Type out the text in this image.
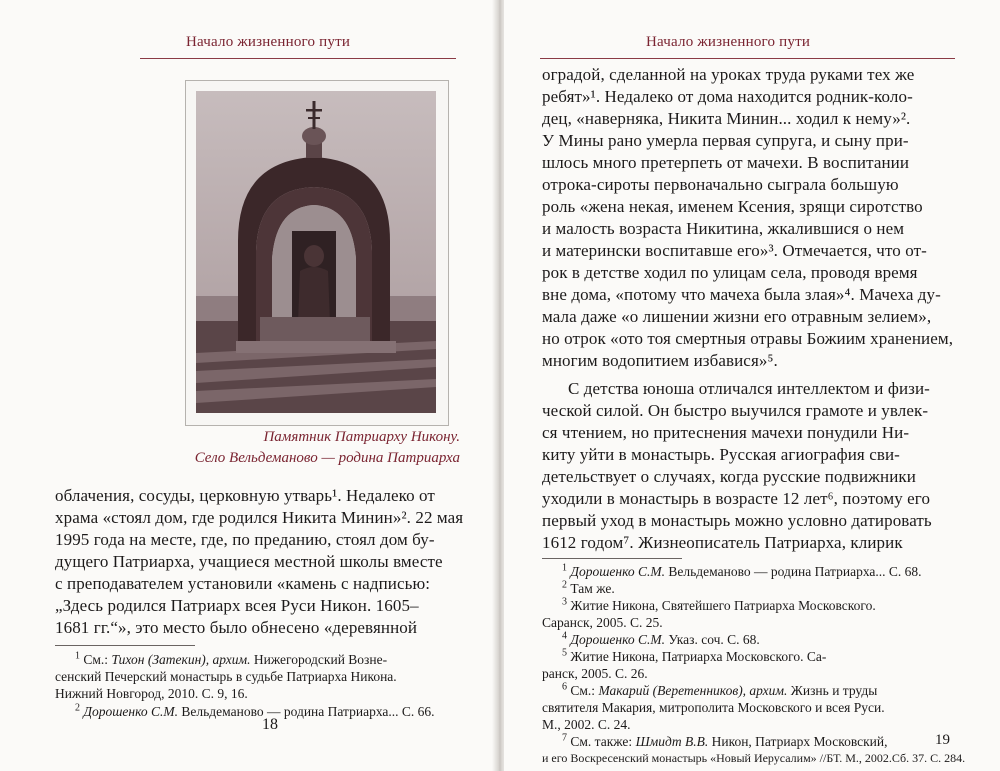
Начало жизненного пути
Памятник Патриарху Никону.
Село Вельдеманово — родина Патриарха
облачения, сосуды, церковную утварь¹. Недалеко от
храма «стоял дом, где родился Никита Минин»². 22 мая
1995 года на месте, где, по преданию, стоял дом бу-
дущего Патриарха, учащиеся местной школы вместе
с преподавателем установили «камень с надписью:
„Здесь родился Патриарх всея Руси Никон. 1605–
1681 гг.“», это место было обнесено «деревянной
$^1$ См.: Тихон (Затекин), архим. Нижегородский Возне-
сенский Печерский монастырь в судьбе Патриарха Никона.
Нижний Новгород, 2010. С. 9, 16.
$^2$ Дорошенко С.М. Вельдеманово — родина Патриарха... С. 66.
18
Начало жизненного пути
оградой, сделанной на уроках труда руками тех же
ребят»¹. Недалеко от дома находится родник-коло-
дец, «наверняка, Никита Минин... ходил к нему»².
У Мины рано умерла первая супруга, и сыну при-
шлось много претерпеть от мачехи. В воспитании
отрока-сироты первоначально сыграла большую
роль «жена некая, именем Ксения, зрящи сиротство
и малость возраста Никитина, жкалившися о нем
и матерински воспитавше его»³. Отмечается, что от-
рок в детстве ходил по улицам села, проводя время
вне дома, «потому что мачеха была злая»⁴. Мачеха ду-
мала даже «о лишении жизни его отравным зелием»,
но отрок «ото тоя смертныя отравы Божиим хранением,
многим водопитием избавися»⁵.
С детства юноша отличался интеллектом и физи-
ческой силой. Он быстро выучился грамоте и увлек-
ся чтением, но притеснения мачехи понудили Ни-
киту уйти в монастырь. Русская агиография сви-
детельствует о случаях, когда русские подвижники
уходили в монастырь в возрасте 12 лет⁶, поэтому его
первый уход в монастырь можно условно датировать
1612 годом⁷. Жизнеописатель Патриарха, клирик
$^1$ Дорошенко С.М. Вельдеманово — родина Патриарха... С. 68.
$^2$ Там же.
$^3$ Житие Никона, Святейшего Патриарха Московского.
Саранск, 2005. С. 25.
$^4$ Дорошенко С.М. Указ. соч. С. 68.
$^5$ Житие Никона, Патриарха Московского. Са-
ранск, 2005. С. 26.
$^6$ См.: Макарий (Веретенников), архим. Жизнь и труды
святителя Макария, митрополита Московского и всея Руси.
М., 2002. С. 24.
$^7$ См. также: Шмидт В.В. Никон, Патриарх Московский,
и его Воскресенский монастырь «Новый Иерусалим» //БТ. М., 2002.Сб. 37. С. 284.
19
